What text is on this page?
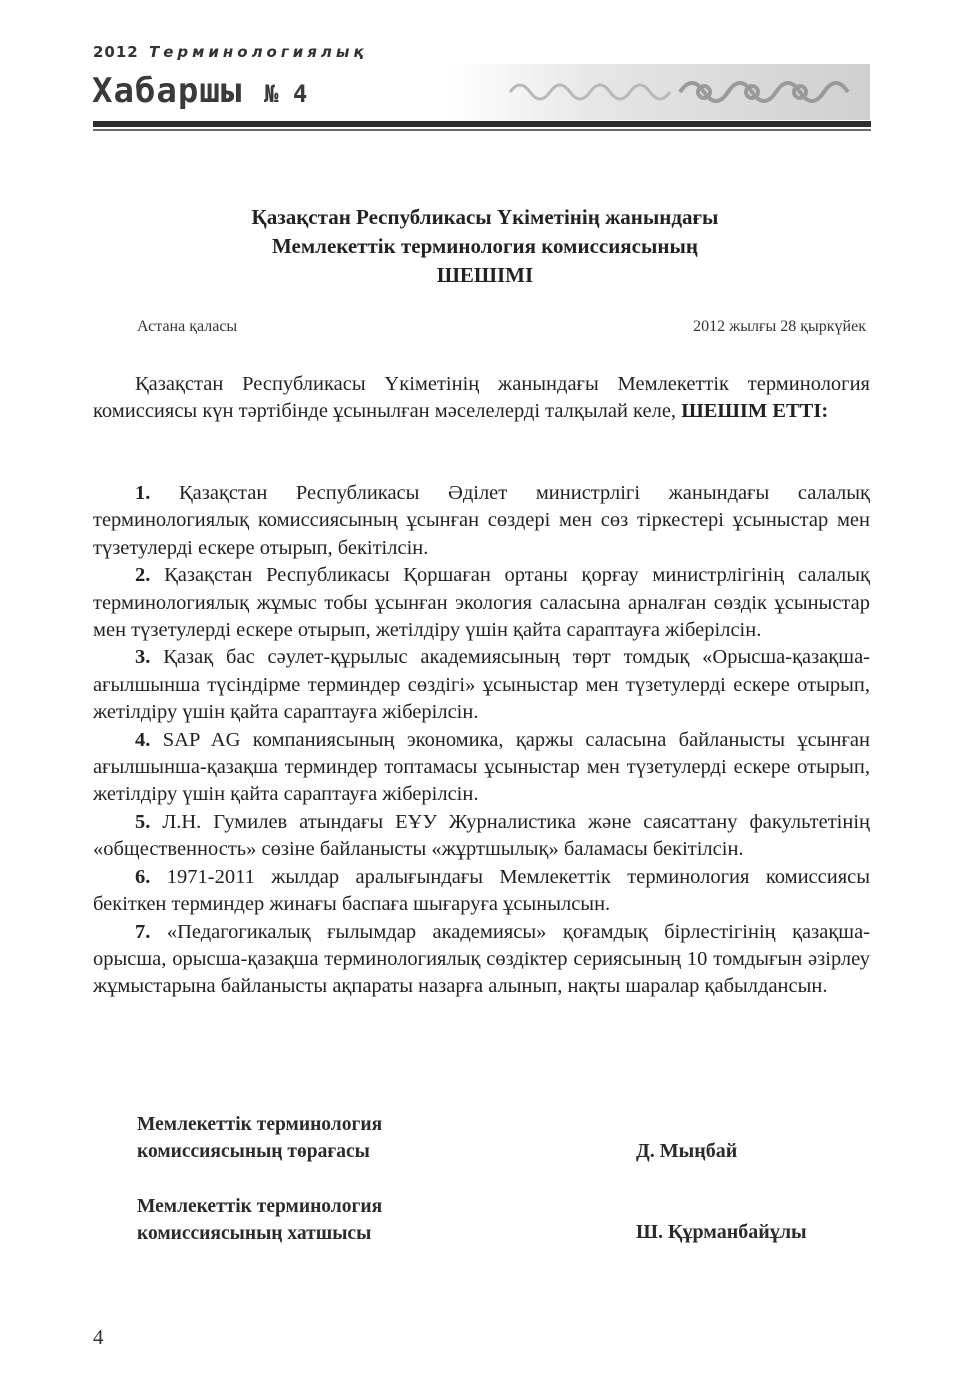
2012 Терминологиялық
Хабаршы № 4
Қазақстан Республикасы Үкіметінің жанындағы
Мемлекеттік терминология комиссиясының
ШЕШІМІ
Астана қаласы	2012 жылғы 28 қыркүйек
Қазақстан Республикасы Үкіметінің жанындағы Мемлекеттік терминология комиссиясы күн тәртібінде ұсынылған мәселелерді талқылай келе, ШЕШІМ ЕТТІ:

1. Қазақстан Республикасы Әділет министрлігі жанындағы салалық терминологиялық комиссиясының ұсынған сөздері мен сөз тіркестері ұсыныстар мен түзетулерді ескере отырып, бекітілсін.

2. Қазақстан Республикасы Қоршаған ортаны қорғау министрлігінің салалық терминологиялық жұмыс тобы ұсынған экология саласына арналған сөздік ұсыныстар мен түзетулерді ескере отырып, жетілдіру үшін қайта сараптауға жіберілсін.

3. Қазақ бас сәулет-құрылыс академиясының төрт томдық «Орысша-қазақша-ағылшынша түсіндірме терминдер сөздігі» ұсыныстар мен түзетулерді ескере отырып, жетілдіру үшін қайта сараптауға жіберілсін.

4. SAP AG компаниясының экономика, қаржы саласына байланысты ұсынған ағылшынша-қазақша терминдер топтамасы ұсыныстар мен түзетулерді ескере отырып, жетілдіру үшін қайта сараптауға жіберілсін.

5. Л.Н. Гумилев атындағы ЕҰУ Журналистика және саясаттану факультетінің «общественность» сөзіне байланысты «жұртшылық» баламасы бекітілсін.

6. 1971-2011 жылдар аралығындағы Мемлекеттік терминология комиссиясы бекіткен терминдер жинағы баспаға шығаруға ұсынылсын.

7. «Педагогикалық ғылымдар академиясы» қоғамдық бірлестігінің қазақша-орысша, орысша-қазақша терминологиялық сөздіктер сериясының 10 томдығын әзірлеу жұмыстарына байланысты ақпараты назарға алынып, нақты шаралар қабылдансын.

Мемлекеттік терминология
комиссиясының төрағасы	Д. Мыңбай
Мемлекеттік терминология
комиссиясының хатшысы	Ш. Құрманбайұлы
4
